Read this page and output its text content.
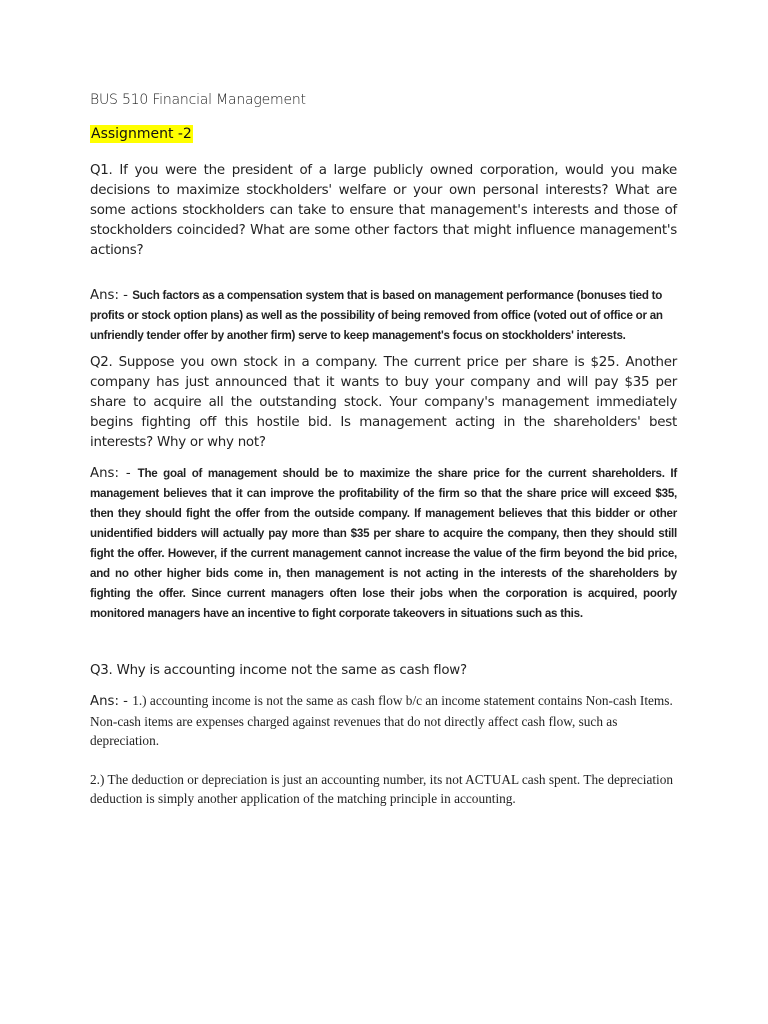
BUS 510 Financial Management

Assignment -2

Q1. If you were the president of a large publicly owned corporation, would you make decisions to maximize stockholders' welfare or your own personal interests? What are some actions stockholders can take to ensure that management's interests and those of stockholders coincided? What are some other factors that might influence management's actions?

Ans: - Such factors as a compensation system that is based on management performance (bonuses tied to profits or stock option plans) as well as the possibility of being removed from office (voted out of office or an unfriendly tender offer by another firm) serve to keep management's focus on stockholders' interests.

Q2. Suppose you own stock in a company. The current price per share is $25. Another company has just announced that it wants to buy your company and will pay $35 per share to acquire all the outstanding stock. Your company's management immediately begins fighting off this hostile bid. Is management acting in the shareholders' best interests? Why or why not?

Ans: - The goal of management should be to maximize the share price for the current shareholders. If management believes that it can improve the profitability of the firm so that the share price will exceed $35, then they should fight the offer from the outside company. If management believes that this bidder or other unidentified bidders will actually pay more than $35 per share to acquire the company, then they should still fight the offer. However, if the current management cannot increase the value of the firm beyond the bid price, and no other higher bids come in, then management is not acting in the interests of the shareholders by fighting the offer. Since current managers often lose their jobs when the corporation is acquired, poorly monitored managers have an incentive to fight corporate takeovers in situations such as this.

Q3. Why is accounting income not the same as cash flow?

Ans: - 1.) accounting income is not the same as cash flow b/c an income statement contains Non-cash Items. Non-cash items are expenses charged against revenues that do not directly affect cash flow, such as depreciation.

2.) The deduction or depreciation is just an accounting number, its not ACTUAL cash spent. The depreciation deduction is simply another application of the matching principle in accounting.
